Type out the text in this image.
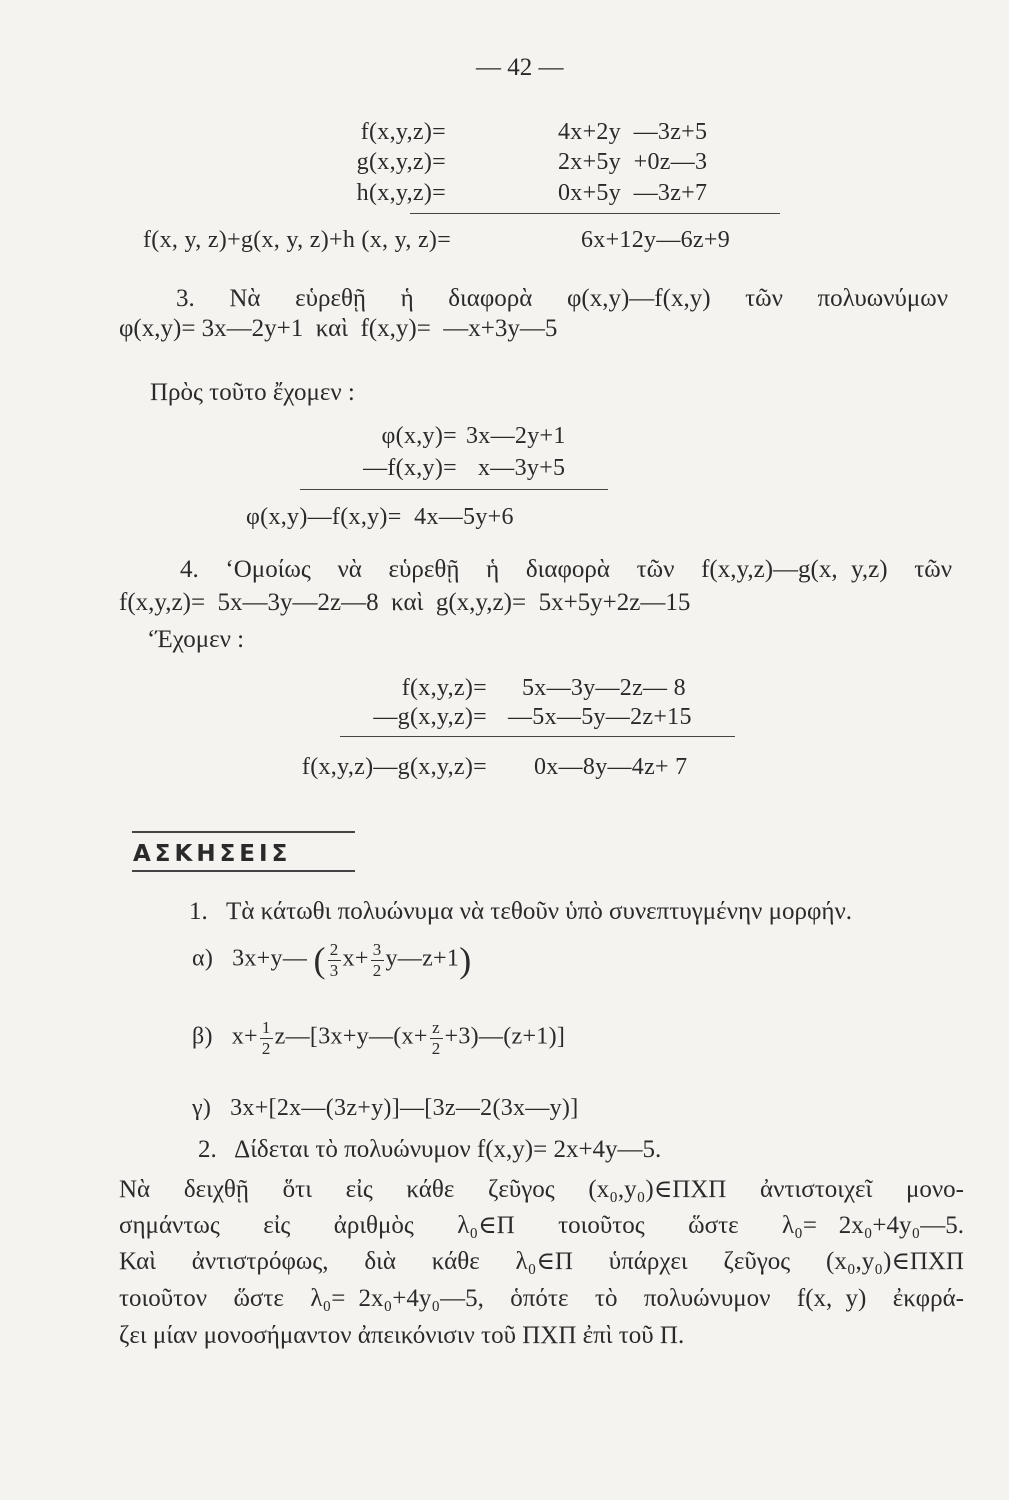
— 42 —
f(x,y,z)=	4x+2y  —3z+5
g(x,y,z)=	2x+5y  +0z—3
h(x,y,z)=	0x+5y  —3z+7
f(x, y, z)+g(x, y, z)+h (x, y, z)=	6x+12y—6z+9
3.  Νὰ  εὑρεθῇ  ἡ  διαφορὰ  φ(x,y)—f(x,y)  τῶν  πολυωνύμων
φ(x,y)= 3x—2y+1  καὶ  f(x,y)=  —x+3y—5
Πρὸς τοῦτο ἔχομεν :
φ(x,y)= 3x—2y+1
—f(x,y)= x—3y+5
φ(x,y)—f(x,y)=  4x—5y+6
4.  ʻΟμοίως  νὰ  εὑρεθῇ  ἡ  διαφορὰ  τῶν  f(x,y,z)—g(x, y,z)  τῶν
f(x,y,z)=  5x—3y—2z—8  καὶ  g(x,y,z)=  5x+5y+2z—15
ʻΈχομεν :
f(x,y,z)= 5x—3y—2z— 8
—g(x,y,z)= —5x—5y—2z+15
f(x,y,z)—g(x,y,z)= 0x—8y—4z+ 7
ΑΣΚΗΣΕΙΣ
1.   Τὰ κάτωθι πολυώνυμα νὰ τεθοῦν ὑπὸ συνεπτυγμένην μορφήν.
α) 3x+y— ( $\frac{2}{3} x+ \frac{3}{2}$ y—z+1)
β) $x+ \frac{1}{2}$ z—[3x+y—(x+ $\frac{z}{2}$ +3)—(z+1)]
γ) 3x+[2x—(3z+y)]—[3z—2(3x—y)]
2.   Δίδεται τὸ πολυώνυμον f(x,y)= 2x+4y—5.
Νὰ  δειχθῇ  ὅτι  εἰς  κάθε  ζεῦγος  (x₀,y₀)∈ΠΧΠ  ἀντιστοιχεῖ  μονο-
σημάντως  εἰς  ἀριθμὸς  λ₀∈Π  τοιοῦτος  ὥστε  λ₀= 2x₀+4y₀—5.
Καὶ  ἀντιστρόφως,  διὰ  κάθε  λ₀∈Π  ὑπάρχει  ζεῦγος  (x₀,y₀)∈ΠΧΠ
τοιοῦτον  ὥστε  λ₀= 2x₀+4y₀—5,  ὁπότε  τὸ  πολυώνυμον  f(x, y)  ἐκφρά-
ζει μίαν μονοσήμαντον ἀπεικόνισιν τοῦ ΠΧΠ ἐπὶ τοῦ Π.
